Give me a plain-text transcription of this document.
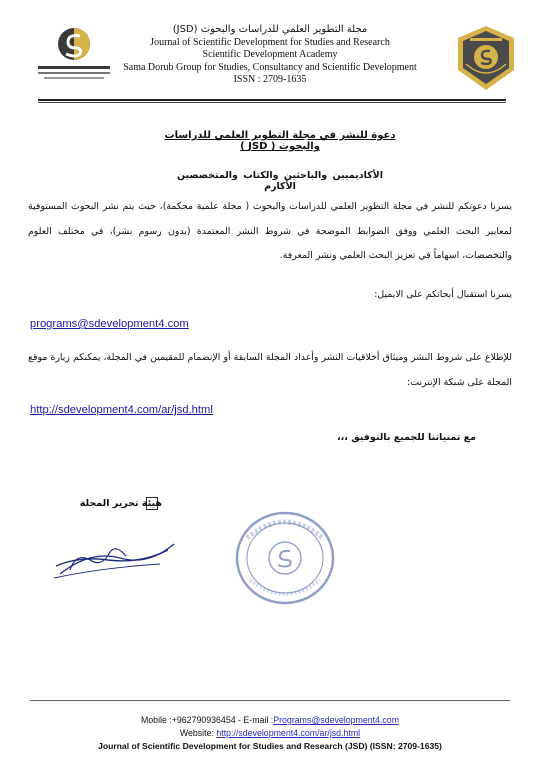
مجلة التطوير العلمي للدراسات والبحوث (JSD)
Journal of Scientific Development for Studies and Research
Scientific Development Academy
Sama Dorub Group for Studies, Consultancy and Scientific Development
ISSN : 2709-1635
دعوة للنشر في مجلة التطوير العلمي للدراسات والبحوث ( JSD )
الأكاديميين والباحثين والكتاب والمتخصصين الأكارم
يسرنا دعوتكم للنشر في مجلة التطوير العلمي للدراسات والبحوث ( مجلة علمية محكمة)، حيث يتم نشر البحوث المستوفية لمعايير البحث العلمي ووفق الضوابط الموضحة في شروط النشر المعتمدة (بدون رسوم نشر)، في مختلف العلوم والتخصصات، اسهاماً في تعزيز البحث العلمي ونشر المعرفة.
يسرنا استقبال أبحاثكم على الايميل:
programs@sdevelopment4.com
للإطلاع على شروط النشر وميثاق أخلاقيات النشر وأعداد المجلة السابقة أو الإنضمام للمقيمين في المجلة، يمكنكم زيارة موقع المجلة على شبكة الإنترنت:
http://sdevelopment4.com/ar/jsd.html
مع تمنياتنا للجميع بالتوفيق ،،،
هيئة تحرير المجلة
Mobile :+962790936454 - E-mail :Programs@sdevelopment4.com
Website: http://sdevelopment4.com/ar/jsd.html
Journal of Scientific Development for Studies and Research (JSD) (ISSN: 2709-1635)
